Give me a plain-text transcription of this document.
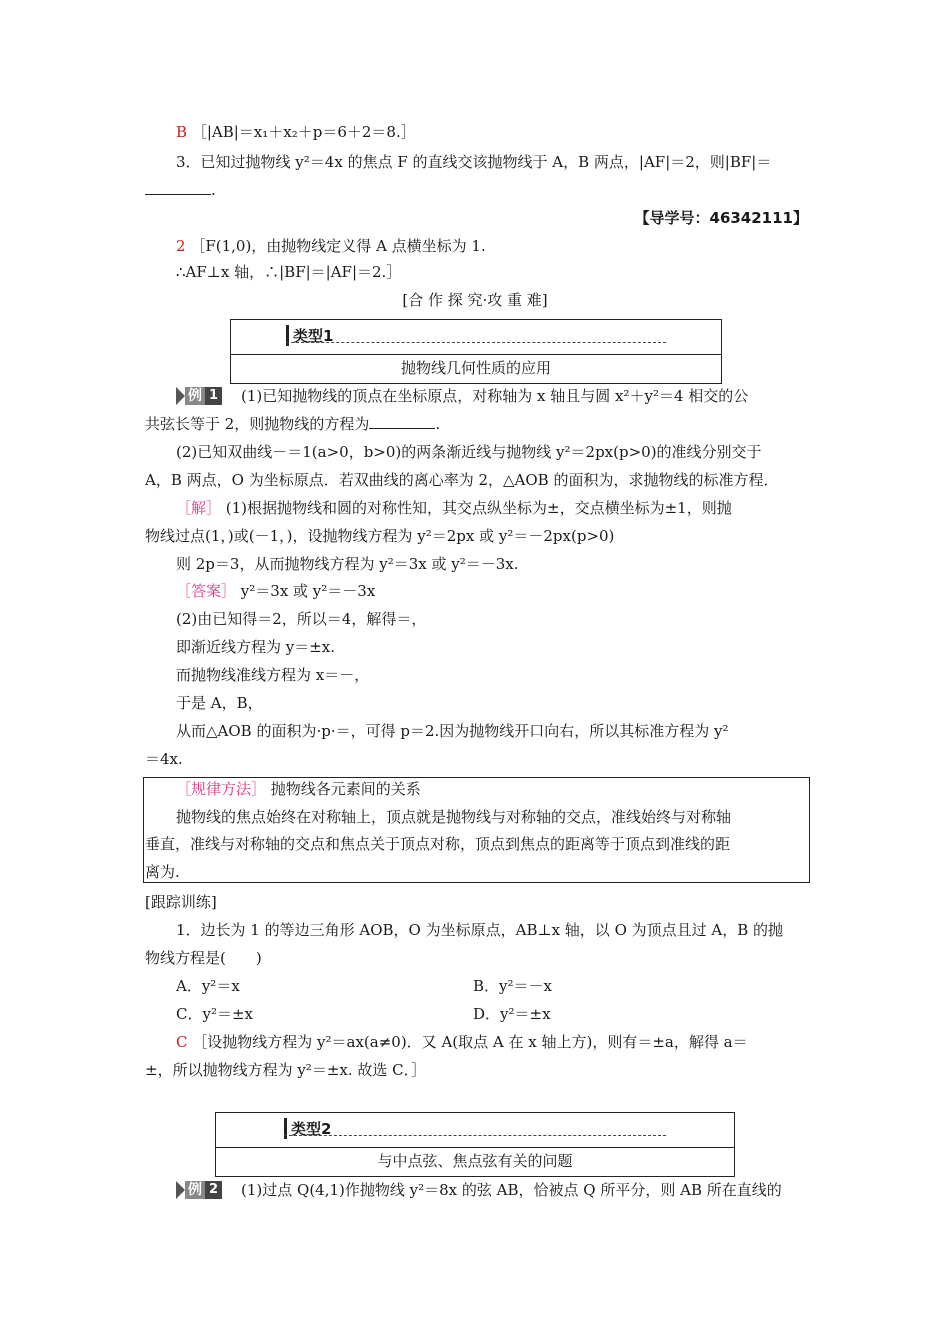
B ［|AB|＝x₁＋x₂＋p＝6＋2＝8.］
3．已知过抛物线 y²＝4x 的焦点 F 的直线交该抛物线于 A，B 两点，|AF|＝2，则|BF|＝
.
【导学号：46342111】
2 ［F(1,0)，由抛物线定义得 A 点横坐标为 1.
∴AF⊥x 轴，∴|BF|＝|AF|＝2.］
[合 作 探 究·攻 重 难]
类型1
抛物线几何性质的应用
例 1 (1)已知抛物线的顶点在坐标原点，对称轴为 x 轴且与圆 x²＋y²＝4 相交的公
共弦长等于 2，则抛物线的方程为	.
(2)已知双曲线－＝1(a>0，b>0)的两条渐近线与抛物线 y²＝2px(p>0)的准线分别交于
A，B 两点，O 为坐标原点．若双曲线的离心率为 2，△AOB 的面积为，求抛物线的标准方程．
［解］ (1)根据抛物线和圆的对称性知，其交点纵坐标为±，交点横坐标为±1，则抛
物线过点(1，)或(－1，)，设抛物线方程为 y²＝2px 或 y²＝－2px(p>0)
则 2p＝3，从而抛物线方程为 y²＝3x 或 y²＝－3x.
［答案］ y²＝3x 或 y²＝－3x
(2)由已知得＝2，所以＝4，解得＝，
即渐近线方程为 y＝±x.
而抛物线准线方程为 x＝－，
于是 A，B，
从而△AOB 的面积为·p·＝，可得 p＝2.因为抛物线开口向右，所以其标准方程为 y²
＝4x.
［规律方法］ 抛物线各元素间的关系
抛物线的焦点始终在对称轴上，顶点就是抛物线与对称轴的交点，准线始终与对称轴
垂直，准线与对称轴的交点和焦点关于顶点对称，顶点到焦点的距离等于顶点到准线的距
离为.
[跟踪训练]
1．边长为 1 的等边三角形 AOB，O 为坐标原点，AB⊥x 轴，以 O 为顶点且过 A，B 的抛
物线方程是(　　)
A．y²＝x	B．y²＝－x
C．y²＝±x	D．y²＝±x
C ［设抛物线方程为 y²＝ax(a≠0)．又 A(取点 A 在 x 轴上方)，则有＝±a，解得 a＝
±，所以抛物线方程为 y²＝±x. 故选 C．］
类型2
与中点弦、焦点弦有关的问题
例 2 (1)过点 Q(4,1)作抛物线 y²＝8x 的弦 AB，恰被点 Q 所平分，则 AB 所在直线的
